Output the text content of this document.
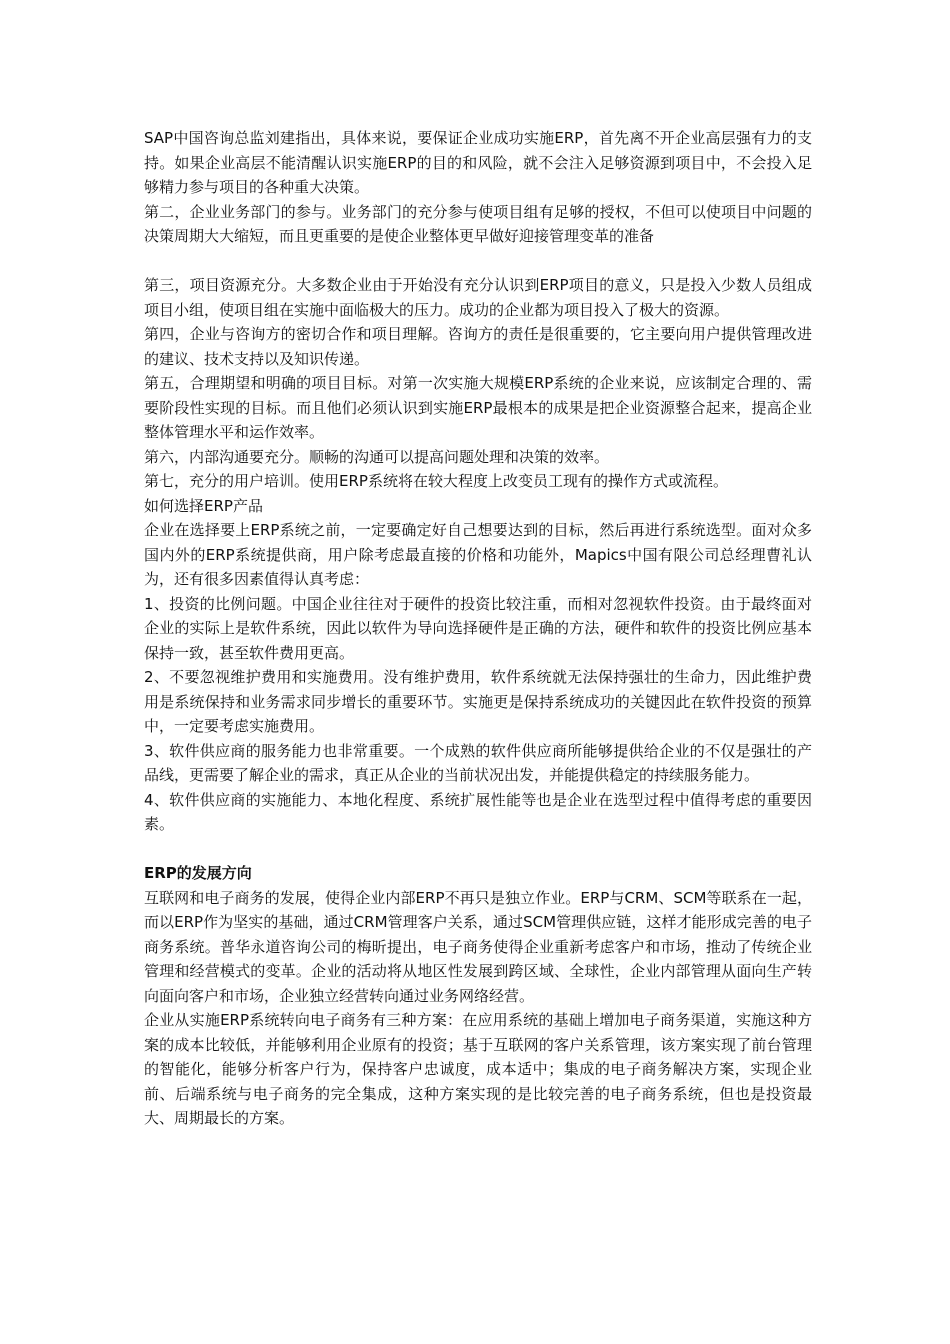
SAP中国咨询总监刘建指出，具体来说，要保证企业成功实施ERP，首先离不开企业高层强有力的支持。如果企业高层不能清醒认识实施ERP的目的和风险，就不会注入足够资源到项目中，不会投入足够精力参与项目的各种重大决策。

第二，企业业务部门的参与。业务部门的充分参与使项目组有足够的授权，不但可以使项目中问题的决策周期大大缩短，而且更重要的是使企业整体更早做好迎接管理变革的准备

第三，项目资源充分。大多数企业由于开始没有充分认识到ERP项目的意义，只是投入少数人员组成项目小组，使项目组在实施中面临极大的压力。成功的企业都为项目投入了极大的资源。

第四，企业与咨询方的密切合作和项目理解。咨询方的责任是很重要的，它主要向用户提供管理改进的建议、技术支持以及知识传递。

第五，合理期望和明确的项目目标。对第一次实施大规模ERP系统的企业来说，应该制定合理的、需要阶段性实现的目标。而且他们必须认识到实施ERP最根本的成果是把企业资源整合起来，提高企业整体管理水平和运作效率。

第六，内部沟通要充分。顺畅的沟通可以提高问题处理和决策的效率。

第七，充分的用户培训。使用ERP系统将在较大程度上改变员工现有的操作方式或流程。

如何选择ERP产品

企业在选择要上ERP系统之前，一定要确定好自己想要达到的目标，然后再进行系统选型。面对众多国内外的ERP系统提供商，用户除考虑最直接的价格和功能外，Mapics中国有限公司总经理曹礼认为，还有很多因素值得认真考虑：

1、投资的比例问题。中国企业往往对于硬件的投资比较注重，而相对忽视软件投资。由于最终面对企业的实际上是软件系统，因此以软件为导向选择硬件是正确的方法，硬件和软件的投资比例应基本保持一致，甚至软件费用更高。

2、不要忽视维护费用和实施费用。没有维护费用，软件系统就无法保持强壮的生命力，因此维护费用是系统保持和业务需求同步增长的重要环节。实施更是保持系统成功的关键因此在软件投资的预算中，一定要考虑实施费用。

3、软件供应商的服务能力也非常重要。一个成熟的软件供应商所能够提供给企业的不仅是强壮的产品线，更需要了解企业的需求，真正从企业的当前状况出发，并能提供稳定的持续服务能力。

4、软件供应商的实施能力、本地化程度、系统扩展性能等也是企业在选型过程中值得考虑的重要因素。

ERP的发展方向

互联网和电子商务的发展，使得企业内部ERP不再只是独立作业。ERP与CRM、SCM等联系在一起，而以ERP作为坚实的基础，通过CRM管理客户关系，通过SCM管理供应链，这样才能形成完善的电子商务系统。普华永道咨询公司的梅昕提出，电子商务使得企业重新考虑客户和市场，推动了传统企业管理和经营模式的变革。企业的活动将从地区性发展到跨区域、全球性，企业内部管理从面向生产转向面向客户和市场，企业独立经营转向通过业务网络经营。

企业从实施ERP系统转向电子商务有三种方案：在应用系统的基础上增加电子商务渠道，实施这种方案的成本比较低，并能够利用企业原有的投资；基于互联网的客户关系管理，该方案实现了前台管理的智能化，能够分析客户行为，保持客户忠诚度，成本适中；集成的电子商务解决方案，实现企业前、后端系统与电子商务的完全集成，这种方案实现的是比较完善的电子商务系统，但也是投资最大、周期最长的方案。
